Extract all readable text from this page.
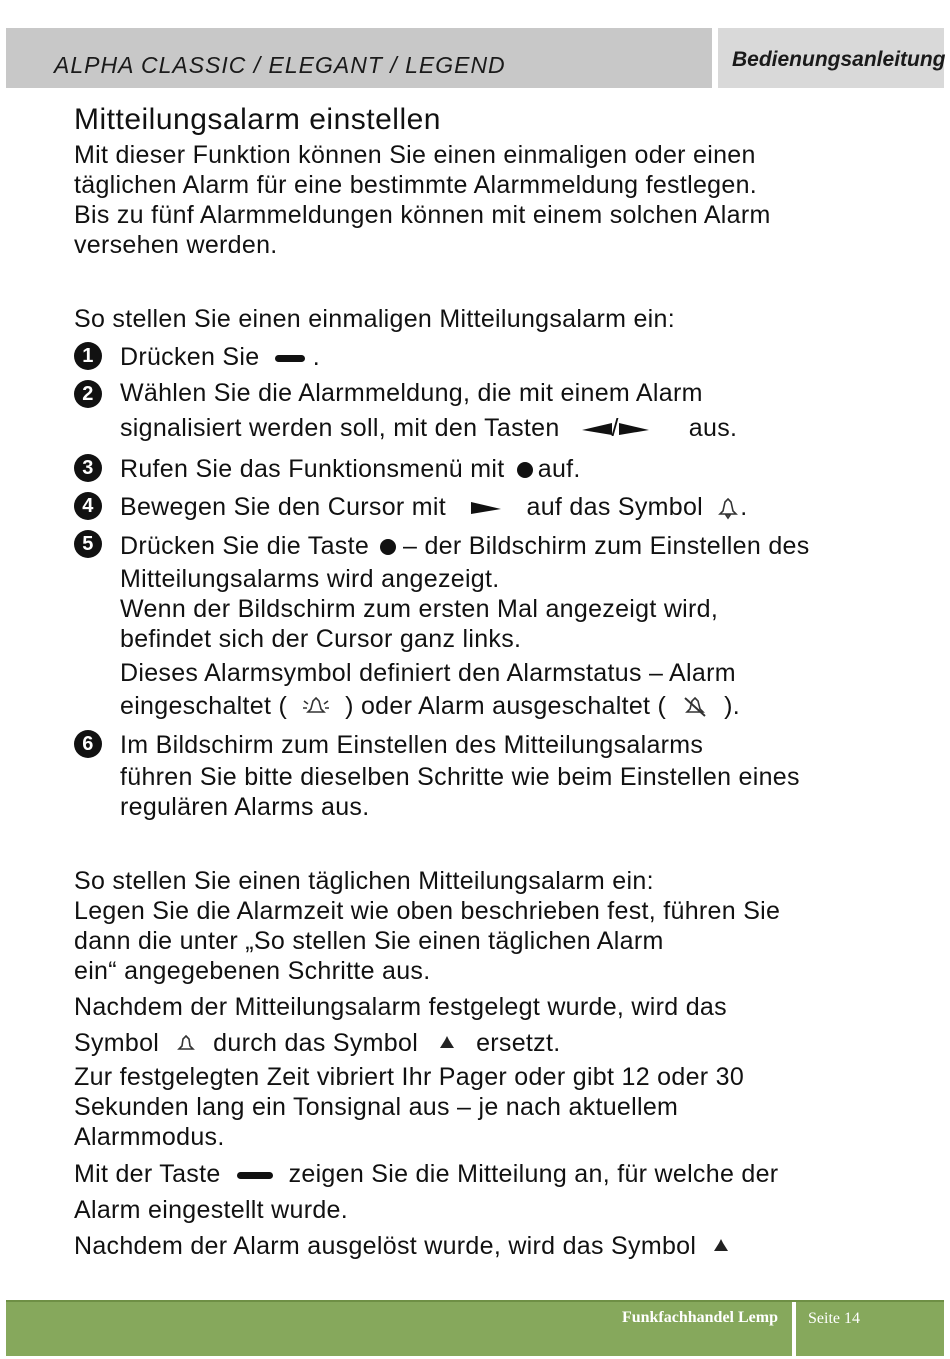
ALPHA CLASSIC / ELEGANT / LEGEND	Bedienungsanleitung
Mitteilungsalarm einstellen

Mit dieser Funktion können Sie einen einmaligen oder einen

täglichen Alarm für eine bestimmte Alarmmeldung festlegen.

Bis zu fünf Alarmmeldungen können mit einem solchen Alarm

versehen werden.

So stellen Sie einen einmaligen Mitteilungsalarm ein:

1	Drücken Sie .
2	Wählen Sie die Alarmmeldung, die mit einem Alarm
signalisiert werden soll, mit den Tasten /	aus.
3	Rufen Sie das Funktionsmenü mit auf.
4	Bewegen Sie den Cursor mit	auf das Symbol .
5	Drücken Sie die Taste – der Bildschirm zum Einstellen des
Mitteilungsalarms wird angezeigt.
Wenn der Bildschirm zum ersten Mal angezeigt wird,
befindet sich der Cursor ganz links.
Dieses Alarmsymbol definiert den Alarmstatus – Alarm
eingeschaltet ( ) oder Alarm ausgeschaltet ( ).
6	Im Bildschirm zum Einstellen des Mitteilungsalarms
führen Sie bitte dieselben Schritte wie beim Einstellen eines
regulären Alarms aus.

So stellen Sie einen täglichen Mitteilungsalarm ein:

Legen Sie die Alarmzeit wie oben beschrieben fest, führen Sie

dann die unter „So stellen Sie einen täglichen Alarm

ein“ angegebenen Schritte aus.

Nachdem der Mitteilungsalarm festgelegt wurde, wird das

Symbol durch das Symbol ersetzt.

Zur festgelegten Zeit vibriert Ihr Pager oder gibt 12 oder 30

Sekunden lang ein Tonsignal aus – je nach aktuellem

Alarmmodus.

Mit der Taste	zeigen Sie die Mitteilung an, für welche der

Alarm eingestellt wurde.

Nachdem der Alarm ausgelöst wurde, wird das Symbol

Funkfachhandel Lemp	Seite 14
